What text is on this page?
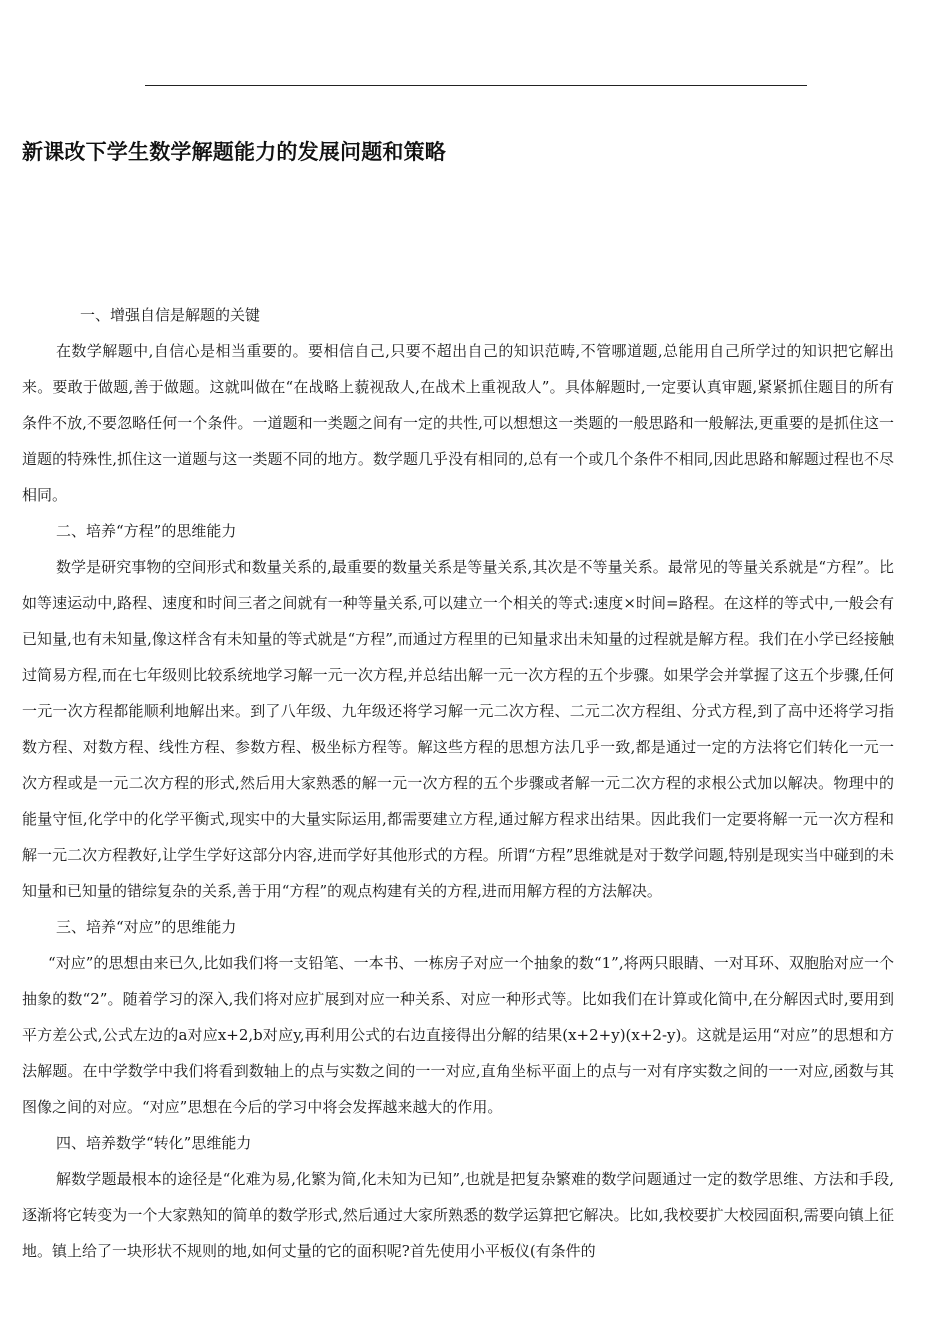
新课改下学生数学解题能力的发展问题和策略

一、增强自信是解题的关键

在数学解题中,自信心是相当重要的。要相信自己,只要不超出自己的知识范畴,不管哪道题,总能用自己所学过的知识把它解出来。要敢于做题,善于做题。这就叫做在“在战略上藐视敌人,在战术上重视敌人”。具体解题时,一定要认真审题,紧紧抓住题目的所有条件不放,不要忽略任何一个条件。一道题和一类题之间有一定的共性,可以想想这一类题的一般思路和一般解法,更重要的是抓住这一道题的特殊性,抓住这一道题与这一类题不同的地方。数学题几乎没有相同的,总有一个或几个条件不相同,因此思路和解题过程也不尽相同。

二、培养“方程”的思维能力

数学是研究事物的空间形式和数量关系的,最重要的数量关系是等量关系,其次是不等量关系。最常见的等量关系就是“方程”。比如等速运动中,路程、速度和时间三者之间就有一种等量关系,可以建立一个相关的等式:速度×时间=路程。在这样的等式中,一般会有已知量,也有未知量,像这样含有未知量的等式就是“方程”,而通过方程里的已知量求出未知量的过程就是解方程。我们在小学已经接触过简易方程,而在七年级则比较系统地学习解一元一次方程,并总结出解一元一次方程的五个步骤。如果学会并掌握了这五个步骤,任何一元一次方程都能顺利地解出来。到了八年级、九年级还将学习解一元二次方程、二元二次方程组、分式方程,到了高中还将学习指数方程、对数方程、线性方程、参数方程、极坐标方程等。解这些方程的思想方法几乎一致,都是通过一定的方法将它们转化一元一次方程或是一元二次方程的形式,然后用大家熟悉的解一元一次方程的五个步骤或者解一元二次方程的求根公式加以解决。物理中的能量守恒,化学中的化学平衡式,现实中的大量实际运用,都需要建立方程,通过解方程求出结果。因此我们一定要将解一元一次方程和解一元二次方程教好,让学生学好这部分内容,进而学好其他形式的方程。所谓“方程”思维就是对于数学问题,特别是现实当中碰到的未知量和已知量的错综复杂的关系,善于用“方程”的观点构建有关的方程,进而用解方程的方法解决。

三、培养“对应”的思维能力

“对应”的思想由来已久,比如我们将一支铅笔、一本书、一栋房子对应一个抽象的数“1”,将两只眼睛、一对耳环、双胞胎对应一个抽象的数“2”。随着学习的深入,我们将对应扩展到对应一种关系、对应一种形式等。比如我们在计算或化简中,在分解因式时,要用到平方差公式,公式左边的a对应x+2,b对应y,再利用公式的右边直接得出分解的结果(x+2+y)(x+2-y)。这就是运用“对应”的思想和方法解题。在中学数学中我们将看到数轴上的点与实数之间的一一对应,直角坐标平面上的点与一对有序实数之间的一一对应,函数与其图像之间的对应。“对应”思想在今后的学习中将会发挥越来越大的作用。

四、培养数学“转化”思维能力

解数学题最根本的途径是“化难为易,化繁为简,化未知为已知”,也就是把复杂繁难的数学问题通过一定的数学思维、方法和手段,逐渐将它转变为一个大家熟知的简单的数学形式,然后通过大家所熟悉的数学运算把它解决。比如,我校要扩大校园面积,需要向镇上征地。镇上给了一块形状不规则的地,如何丈量的它的面积呢?首先使用小平板仪(有条件的
